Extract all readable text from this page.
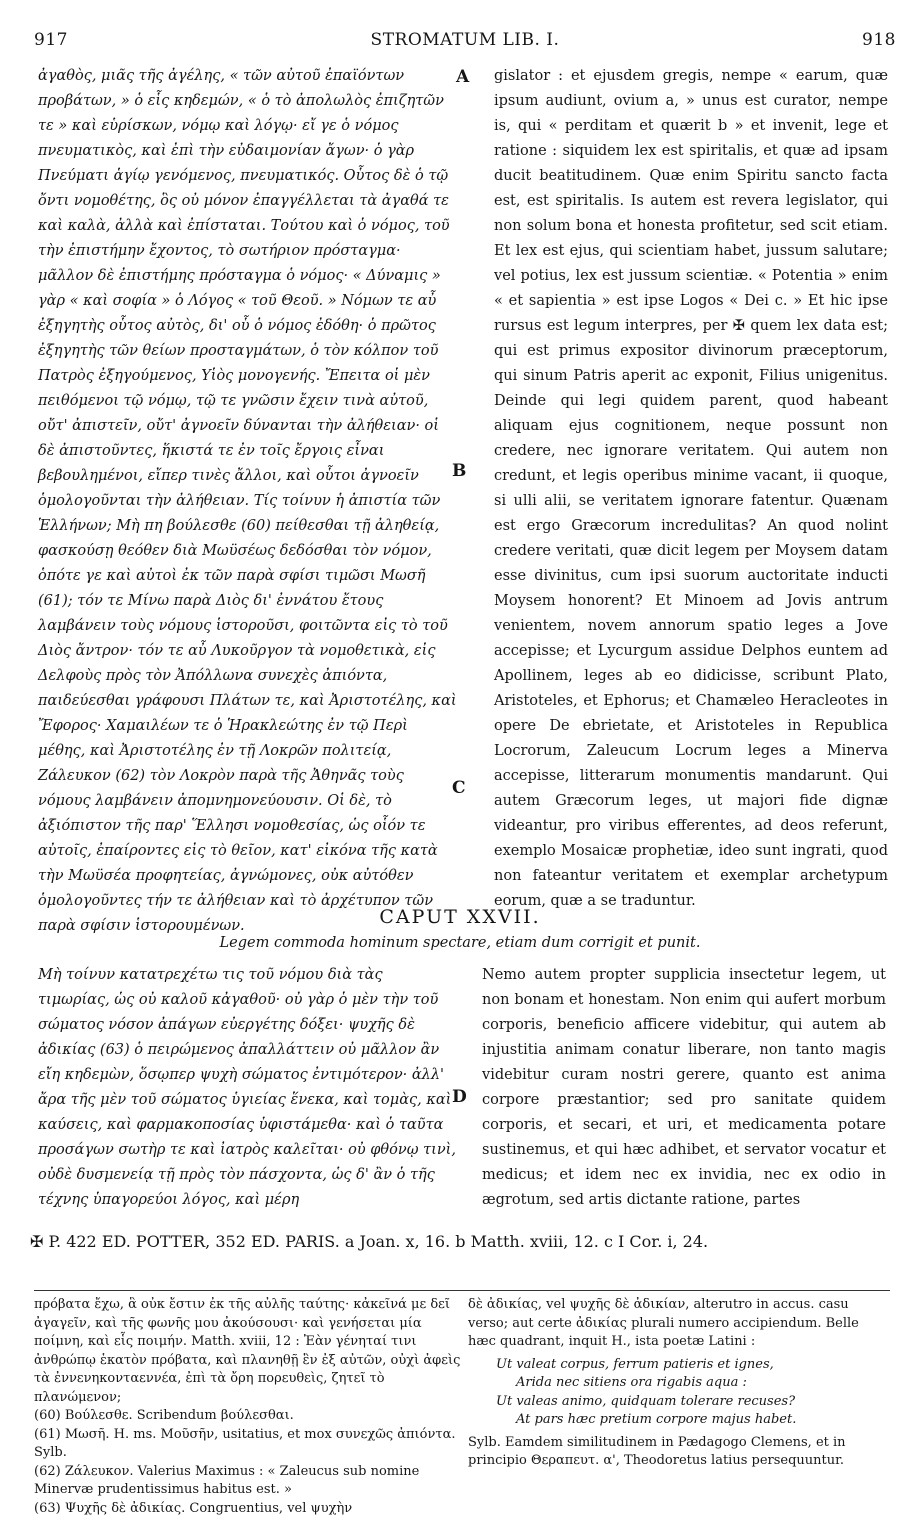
917	STROMATUM LIB. I.	918

ἀγαθὸς, μιᾶς τῆς ἀγέλης, « τῶν αὐτοῦ ἐπαϊόντων προβάτων, » ὁ εἷς κηδεμών, « ὁ τὸ ἀπολωλὸς ἐπιζητῶν τε » καὶ εὑρίσκων, νόμῳ καὶ λόγῳ· εἴ γε ὁ νόμος πνευματικὸς, καὶ ἐπὶ τὴν εὐδαιμονίαν ἄγων· ὁ γὰρ Πνεύματι ἁγίῳ γενόμενος, πνευματικός. Οὗτος δὲ ὁ τῷ ὄντι νομοθέτης, ὃς οὐ μόνον ἐπαγγέλλεται τὰ ἀγαθά τε καὶ καλὰ, ἀλλὰ καὶ ἐπίσταται. Τούτου καὶ ὁ νόμος, τοῦ τὴν ἐπιστήμην ἔχοντος, τὸ σωτήριον πρόσταγμα· μᾶλλον δὲ ἐπιστήμης πρόσταγμα ὁ νόμος· « Δύναμις » γὰρ « καὶ σοφία » ὁ Λόγος « τοῦ Θεοῦ. » Νόμων τε αὖ ἐξηγητὴς οὗτος αὐτὸς, δι' οὗ ὁ νόμος ἐδόθη· ὁ πρῶτος ἐξηγητὴς τῶν θείων προσταγμάτων, ὁ τὸν κόλπον τοῦ Πατρὸς ἐξηγούμενος, Υἱὸς μονογενής. Ἔπειτα οἱ μὲν πειθόμενοι τῷ νόμῳ, τῷ τε γνῶσιν ἔχειν τινὰ αὐτοῦ, οὔτ' ἀπιστεῖν, οὔτ' ἀγνοεῖν δύνανται τὴν ἀλήθειαν· οἱ δὲ ἀπιστοῦντες, ἥκιστά τε ἐν τοῖς ἔργοις εἶναι βεβουλημένοι, εἴπερ τινὲς ἄλλοι, καὶ οὗτοι ἀγνοεῖν ὁμολογοῦνται τὴν ἀλήθειαν. Τίς τοίνυν ἡ ἀπιστία τῶν Ἑλλήνων; Μὴ πη βούλεσθε (60) πείθεσθαι τῇ ἀληθείᾳ, φασκούσῃ θεόθεν διὰ Μωϋσέως δεδόσθαι τὸν νόμον, ὁπότε γε καὶ αὐτοὶ ἐκ τῶν παρὰ σφίσι τιμῶσι Μωσῆ (61); τόν τε Μίνω παρὰ Διὸς δι' ἐννάτου ἔτους λαμβάνειν τοὺς νόμους ἱστοροῦσι, φοιτῶντα εἰς τὸ τοῦ Διὸς ἄντρον· τόν τε αὖ Λυκοῦργον τὰ νομοθετικὰ, εἰς Δελφοὺς πρὸς τὸν Ἀπόλλωνα συνεχὲς ἀπιόντα, παιδεύεσθαι γράφουσι Πλάτων τε, καὶ Ἀριστοτέλης, καὶ Ἔφορος· Χαμαιλέων τε ὁ Ἡρακλεώτης ἐν τῷ Περὶ μέθης, καὶ Ἀριστοτέλης ἐν τῇ Λοκρῶν πολιτείᾳ, Ζάλευκον (62) τὸν Λοκρὸν παρὰ τῆς Ἀθηνᾶς τοὺς νόμους λαμβάνειν ἀπομνημονεύουσιν. Οἱ δὲ, τὸ ἀξιόπιστον τῆς παρ' Ἕλλησι νομοθεσίας, ὡς οἷόν τε αὐτοῖς, ἐπαίροντες εἰς τὸ θεῖον, κατ' εἰκόνα τῆς κατὰ τὴν Μωϋσέα προφητείας, ἀγνώμονες, οὐκ αὐτόθεν ὁμολογοῦντες τήν τε ἀλήθειαν καὶ τὸ ἀρχέτυπον τῶν παρὰ σφίσιν ἱστορουμένων.

A
B
C
D

gislator : et ejusdem gregis, nempe « earum, quæ ipsum audiunt, ovium a, » unus est curator, nempe is, qui « perditam et quærit b » et invenit, lege et ratione : siquidem lex est spiritalis, et quæ ad ipsam ducit beatitudinem. Quæ enim Spiritu sancto facta est, est spiritalis. Is autem est revera legislator, qui non solum bona et honesta profitetur, sed scit etiam. Et lex est ejus, qui scientiam habet, jussum salutare; vel potius, lex est jussum scientiæ. « Potentia » enim « et sapientia » est ipse Logos « Dei c. » Et hic ipse rursus est legum interpres, per ✠ quem lex data est; qui est primus expositor divinorum præceptorum, qui sinum Patris aperit ac exponit, Filius unigenitus. Deinde qui legi quidem parent, quod habeant aliquam ejus cognitionem, neque possunt non credere, nec ignorare veritatem. Qui autem non credunt, et legis operibus minime vacant, ii quoque, si ulli alii, se veritatem ignorare fatentur. Quænam est ergo Græcorum incredulitas? An quod nolint credere veritati, quæ dicit legem per Moysem datam esse divinitus, cum ipsi suorum auctoritate inducti Moysem honorent? Et Minoem ad Jovis antrum venientem, novem annorum spatio leges a Jove accepisse; et Lycurgum assidue Delphos euntem ad Apollinem, leges ab eo didicisse, scribunt Plato, Aristoteles, et Ephorus; et Chamæleo Heracleotes in opere De ebrietate, et Aristoteles in Republica Locrorum, Zaleucum Locrum leges a Minerva accepisse, litterarum monumentis mandarunt. Qui autem Græcorum leges, ut majori fide dignæ videantur, pro viribus efferentes, ad deos referunt, exemplo Mosaicæ prophetiæ, ideo sunt ingrati, quod non fateantur veritatem et exemplar archetypum eorum, quæ a se traduntur.

CAPUT XXVII.
Legem commoda hominum spectare, etiam dum corrigit et punit.

Μὴ τοίνυν κατατρεχέτω τις τοῦ νόμου διὰ τὰς τιμωρίας, ὡς οὐ καλοῦ κἀγαθοῦ· οὐ γὰρ ὁ μὲν τὴν τοῦ σώματος νόσον ἀπάγων εὐεργέτης δόξει· ψυχῆς δὲ ἀδικίας (63) ὁ πειρώμενος ἀπαλλάττειν οὐ μᾶλλον ἂν εἴη κηδεμὼν, ὅσῳπερ ψυχὴ σώματος ἐντιμότερον· ἀλλ' ἄρα τῆς μὲν τοῦ σώματος ὑγιείας ἕνεκα, καὶ τομὰς, καὶ καύσεις, καὶ φαρμακοποσίας ὑφιστάμεθα· καὶ ὁ ταῦτα προσάγων σωτὴρ τε καὶ ἰατρὸς καλεῖται· οὐ φθόνῳ τινὶ, οὐδὲ δυσμενείᾳ τῇ πρὸς τὸν πάσχοντα, ὡς δ' ἂν ὁ τῆς τέχνης ὑπαγορεύοι λόγος, καὶ μέρη

Nemo autem propter supplicia insectetur legem, ut non bonam et honestam. Non enim qui aufert morbum corporis, beneficio afficere videbitur, qui autem ab injustitia animam conatur liberare, non tanto magis videbitur curam nostri gerere, quanto est anima corpore præstantior; sed pro sanitate quidem corporis, et secari, et uri, et medicamenta potare sustinemus, et qui hæc adhibet, et servator vocatur et medicus; et idem nec ex invidia, nec ex odio in ægrotum, sed artis dictante ratione, partes

✠ P. 422 ED. POTTER, 352 ED. PARIS. a Joan. x, 16. b Matth. xviii, 12. c I Cor. i, 24.

πρόβατα ἔχω, ἃ οὐκ ἔστιν ἐκ τῆς αὐλῆς ταύτης· κἀκεῖνά με δεῖ ἀγαγεῖν, καὶ τῆς φωνῆς μου ἀκούσουσι· καὶ γενήσεται μία ποίμνη, καὶ εἷς ποιμήν. Matth. xviii, 12 : Ἐὰν γένηταί τινι ἀνθρώπῳ ἑκατὸν πρόβατα, καὶ πλανηθῇ ἓν ἐξ αὐτῶν, οὐχὶ ἀφεὶς τὰ ἐννενηκονταεννέα, ἐπὶ τὰ ὄρη πορευθεὶς, ζητεῖ τὸ πλανώμενον;

(60) Βούλεσθε. Scribendum βούλεσθαι.

(61) Μωσῆ. H. ms. Μοῦσῆν, usitatius, et mox συνεχῶς ἀπιόντα. Sylb.

(62) Ζάλευκον. Valerius Maximus : « Zaleucus sub nomine Minervæ prudentissimus habitus est. »

(63) Ψυχῆς δὲ ἀδικίας. Congruentius, vel ψυχὴν

δὲ ἀδικίας, vel ψυχῆς δὲ ἀδικίαν, alterutro in accus. casu verso; aut certe ἀδικίας plurali numero accipiendum. Belle hæc quadrant, inquit H., ista poetæ Latini :

Ut valeat corpus, ferrum patieris et ignes,
Arida nec sitiens ora rigabis aqua :
Ut valeas animo, quidquam tolerare recuses?
At pars hæc pretium corpore majus habet.

Sylb. Eamdem similitudinem in Pædagogo Clemens, et in principio Θεραπευτ. α', Theodoretus latius persequuntur.
